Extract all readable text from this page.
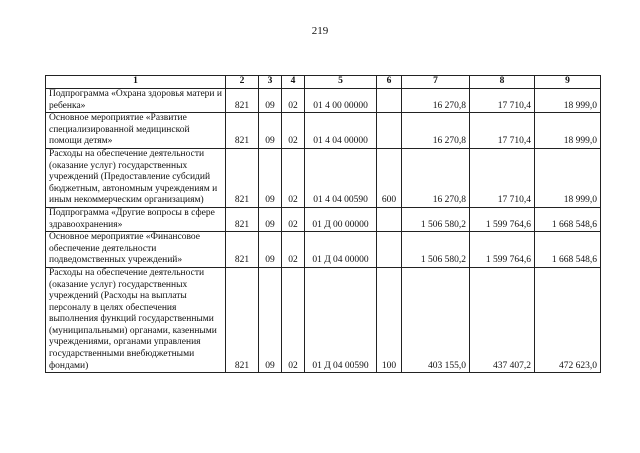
219
1	2	3	4	5	6	7	8	9
Подпрограмма «Охрана здоровья матери и ребенка»	821	09	02	01 4 00 00000		16 270,8	17 710,4	18 999,0
Основное мероприятие «Развитие специализированной медицинской помощи детям»	821	09	02	01 4 04 00000		16 270,8	17 710,4	18 999,0
Расходы на обеспечение деятельности (оказание услуг) государственных учреждений (Предоставление субсидий бюджетным, автономным учреждениям и иным некоммерческим организациям)	821	09	02	01 4 04 00590	600	16 270,8	17 710,4	18 999,0
Подпрограмма «Другие вопросы в сфере здравоохранения»	821	09	02	01 Д 00 00000		1 506 580,2	1 599 764,6	1 668 548,6
Основное мероприятие «Финансовое обеспечение деятельности подведомственных учреждений»	821	09	02	01 Д 04 00000		1 506 580,2	1 599 764,6	1 668 548,6
Расходы на обеспечение деятельности (оказание услуг) государственных учреждений (Расходы на выплаты персоналу в целях обеспечения выполнения функций государственными (муниципальными) органами, казенными учреждениями, органами управления государственными внебюджетными фондами)	821	09	02	01 Д 04 00590	100	403 155,0	437 407,2	472 623,0
